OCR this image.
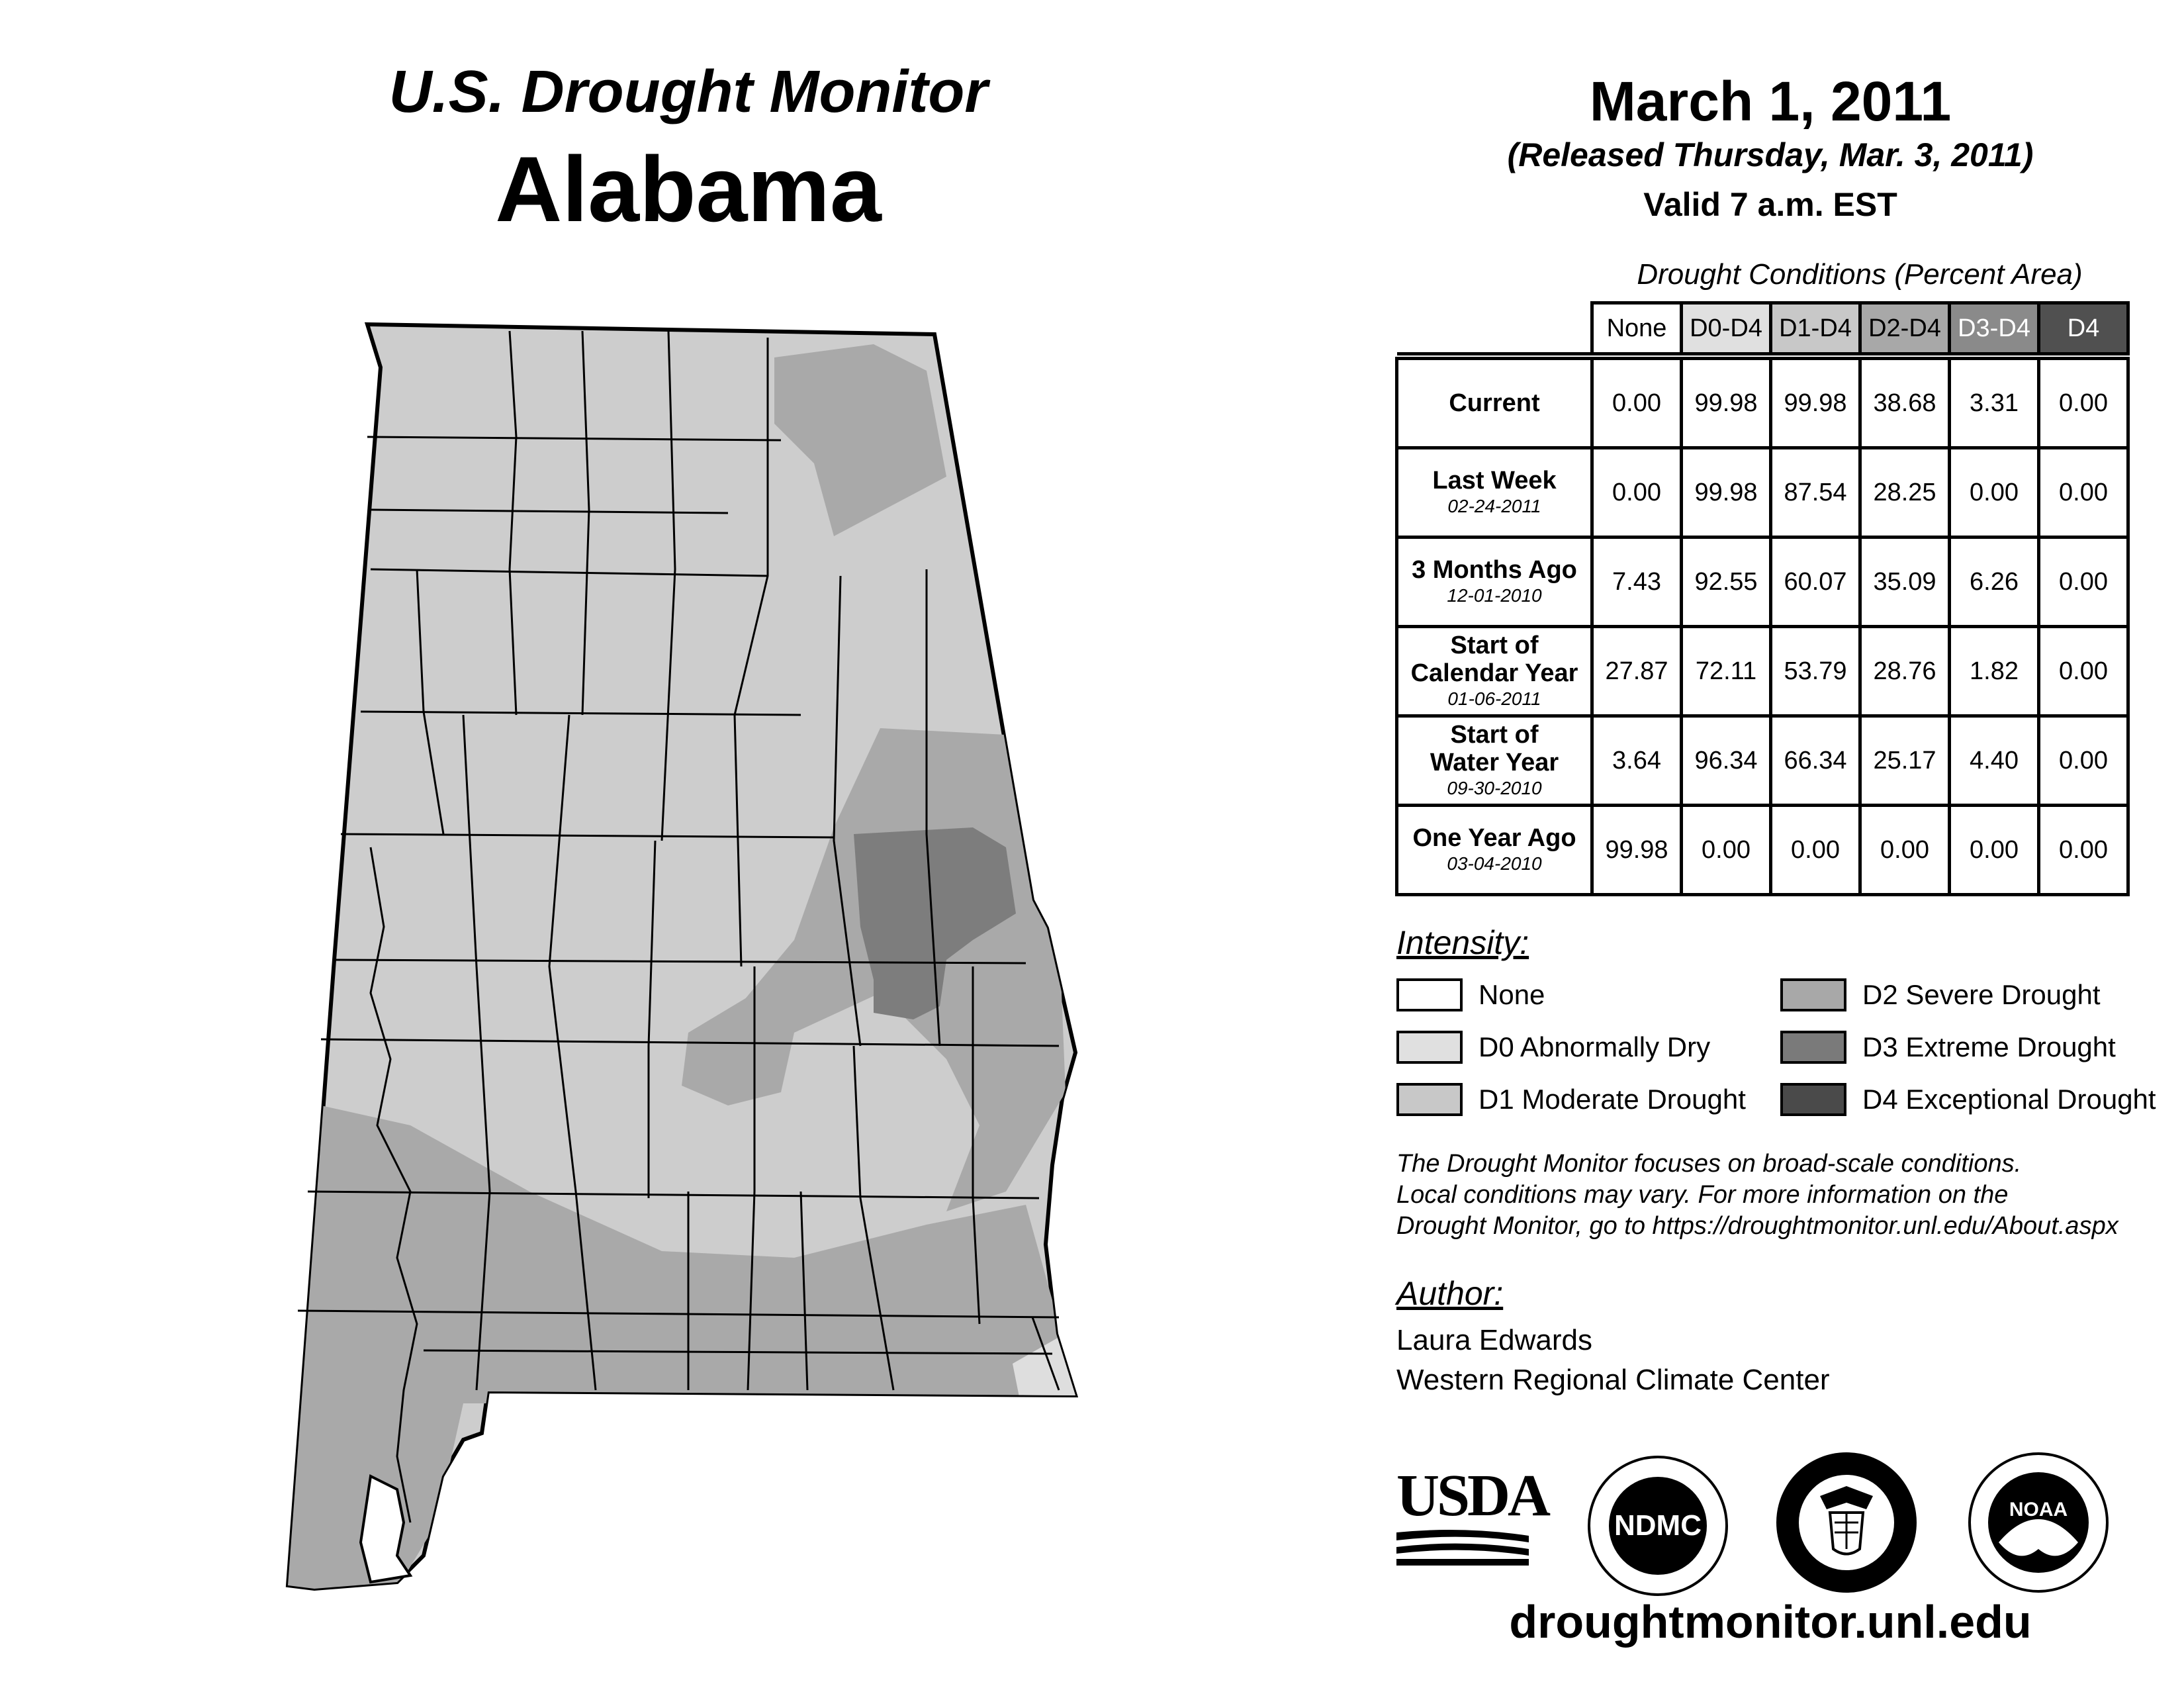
U.S. Drought Monitor
Alabama
March 1, 2011
(Released Thursday, Mar. 3, 2011)
Valid 7 a.m. EST
Drought Conditions (Percent Area)
	None	D0-D4	D1-D4	D2-D4	D3-D4	D4

Current	0.00	99.98	99.98	38.68	3.31	0.00
Last Week
02-24-2011	0.00	99.98	87.54	28.25	0.00	0.00
3 Months Ago
12-01-2010	7.43	92.55	60.07	35.09	6.26	0.00
Start of
Calendar Year
01-06-2011	27.87	72.11	53.79	28.76	1.82	0.00
Start of
Water Year
09-30-2010	3.64	96.34	66.34	25.17	4.40	0.00
One Year Ago
03-04-2010	99.98	0.00	0.00	0.00	0.00	0.00
Intensity:
None
D0 Abnormally Dry
D1 Moderate Drought
D2 Severe Drought
D3 Extreme Drought
D4 Exceptional Drought
The Drought Monitor focuses on broad-scale conditions.
Local conditions may vary. For more information on the
Drought Monitor, go to https://droughtmonitor.unl.edu/About.aspx
Author:
Laura Edwards
Western Regional Climate Center
USDA NDMC	NOAA
droughtmonitor.unl.edu
